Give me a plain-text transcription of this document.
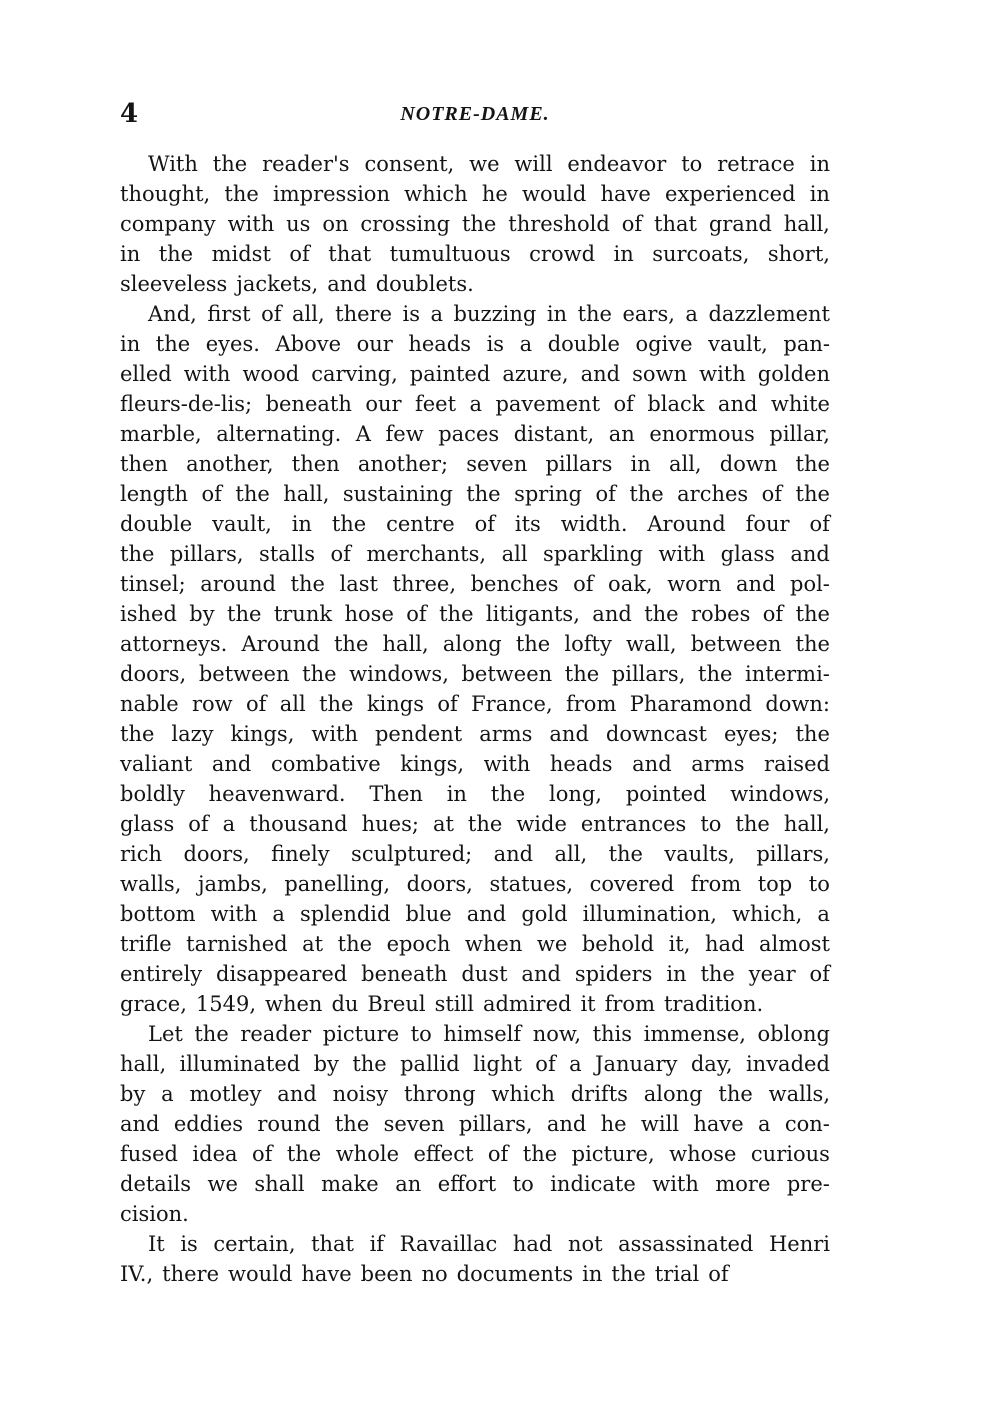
4	NOTRE-DAME.
With the reader's consent, we will endeavor to retrace in
thought, the impression which he would have experienced in
company with us on crossing the threshold of that grand hall,
in the midst of that tumultuous crowd in surcoats, short,
sleeveless jackets, and doublets.
And, first of all, there is a buzzing in the ears, a dazzlement
in the eyes. Above our heads is a double ogive vault, pan-
elled with wood carving, painted azure, and sown with golden
fleurs-de-lis; beneath our feet a pavement of black and white
marble, alternating. A few paces distant, an enormous pillar,
then another, then another; seven pillars in all, down the
length of the hall, sustaining the spring of the arches of the
double vault, in the centre of its width. Around four of
the pillars, stalls of merchants, all sparkling with glass and
tinsel; around the last three, benches of oak, worn and pol-
ished by the trunk hose of the litigants, and the robes of the
attorneys. Around the hall, along the lofty wall, between the
doors, between the windows, between the pillars, the intermi-
nable row of all the kings of France, from Pharamond down:
the lazy kings, with pendent arms and downcast eyes; the
valiant and combative kings, with heads and arms raised
boldly heavenward. Then in the long, pointed windows,
glass of a thousand hues; at the wide entrances to the hall,
rich doors, finely sculptured; and all, the vaults, pillars,
walls, jambs, panelling, doors, statues, covered from top to
bottom with a splendid blue and gold illumination, which, a
trifle tarnished at the epoch when we behold it, had almost
entirely disappeared beneath dust and spiders in the year of
grace, 1549, when du Breul still admired it from tradition.
Let the reader picture to himself now, this immense, oblong
hall, illuminated by the pallid light of a January day, invaded
by a motley and noisy throng which drifts along the walls,
and eddies round the seven pillars, and he will have a con-
fused idea of the whole effect of the picture, whose curious
details we shall make an effort to indicate with more pre-
cision.
It is certain, that if Ravaillac had not assassinated Henri
IV., there would have been no documents in the trial of
